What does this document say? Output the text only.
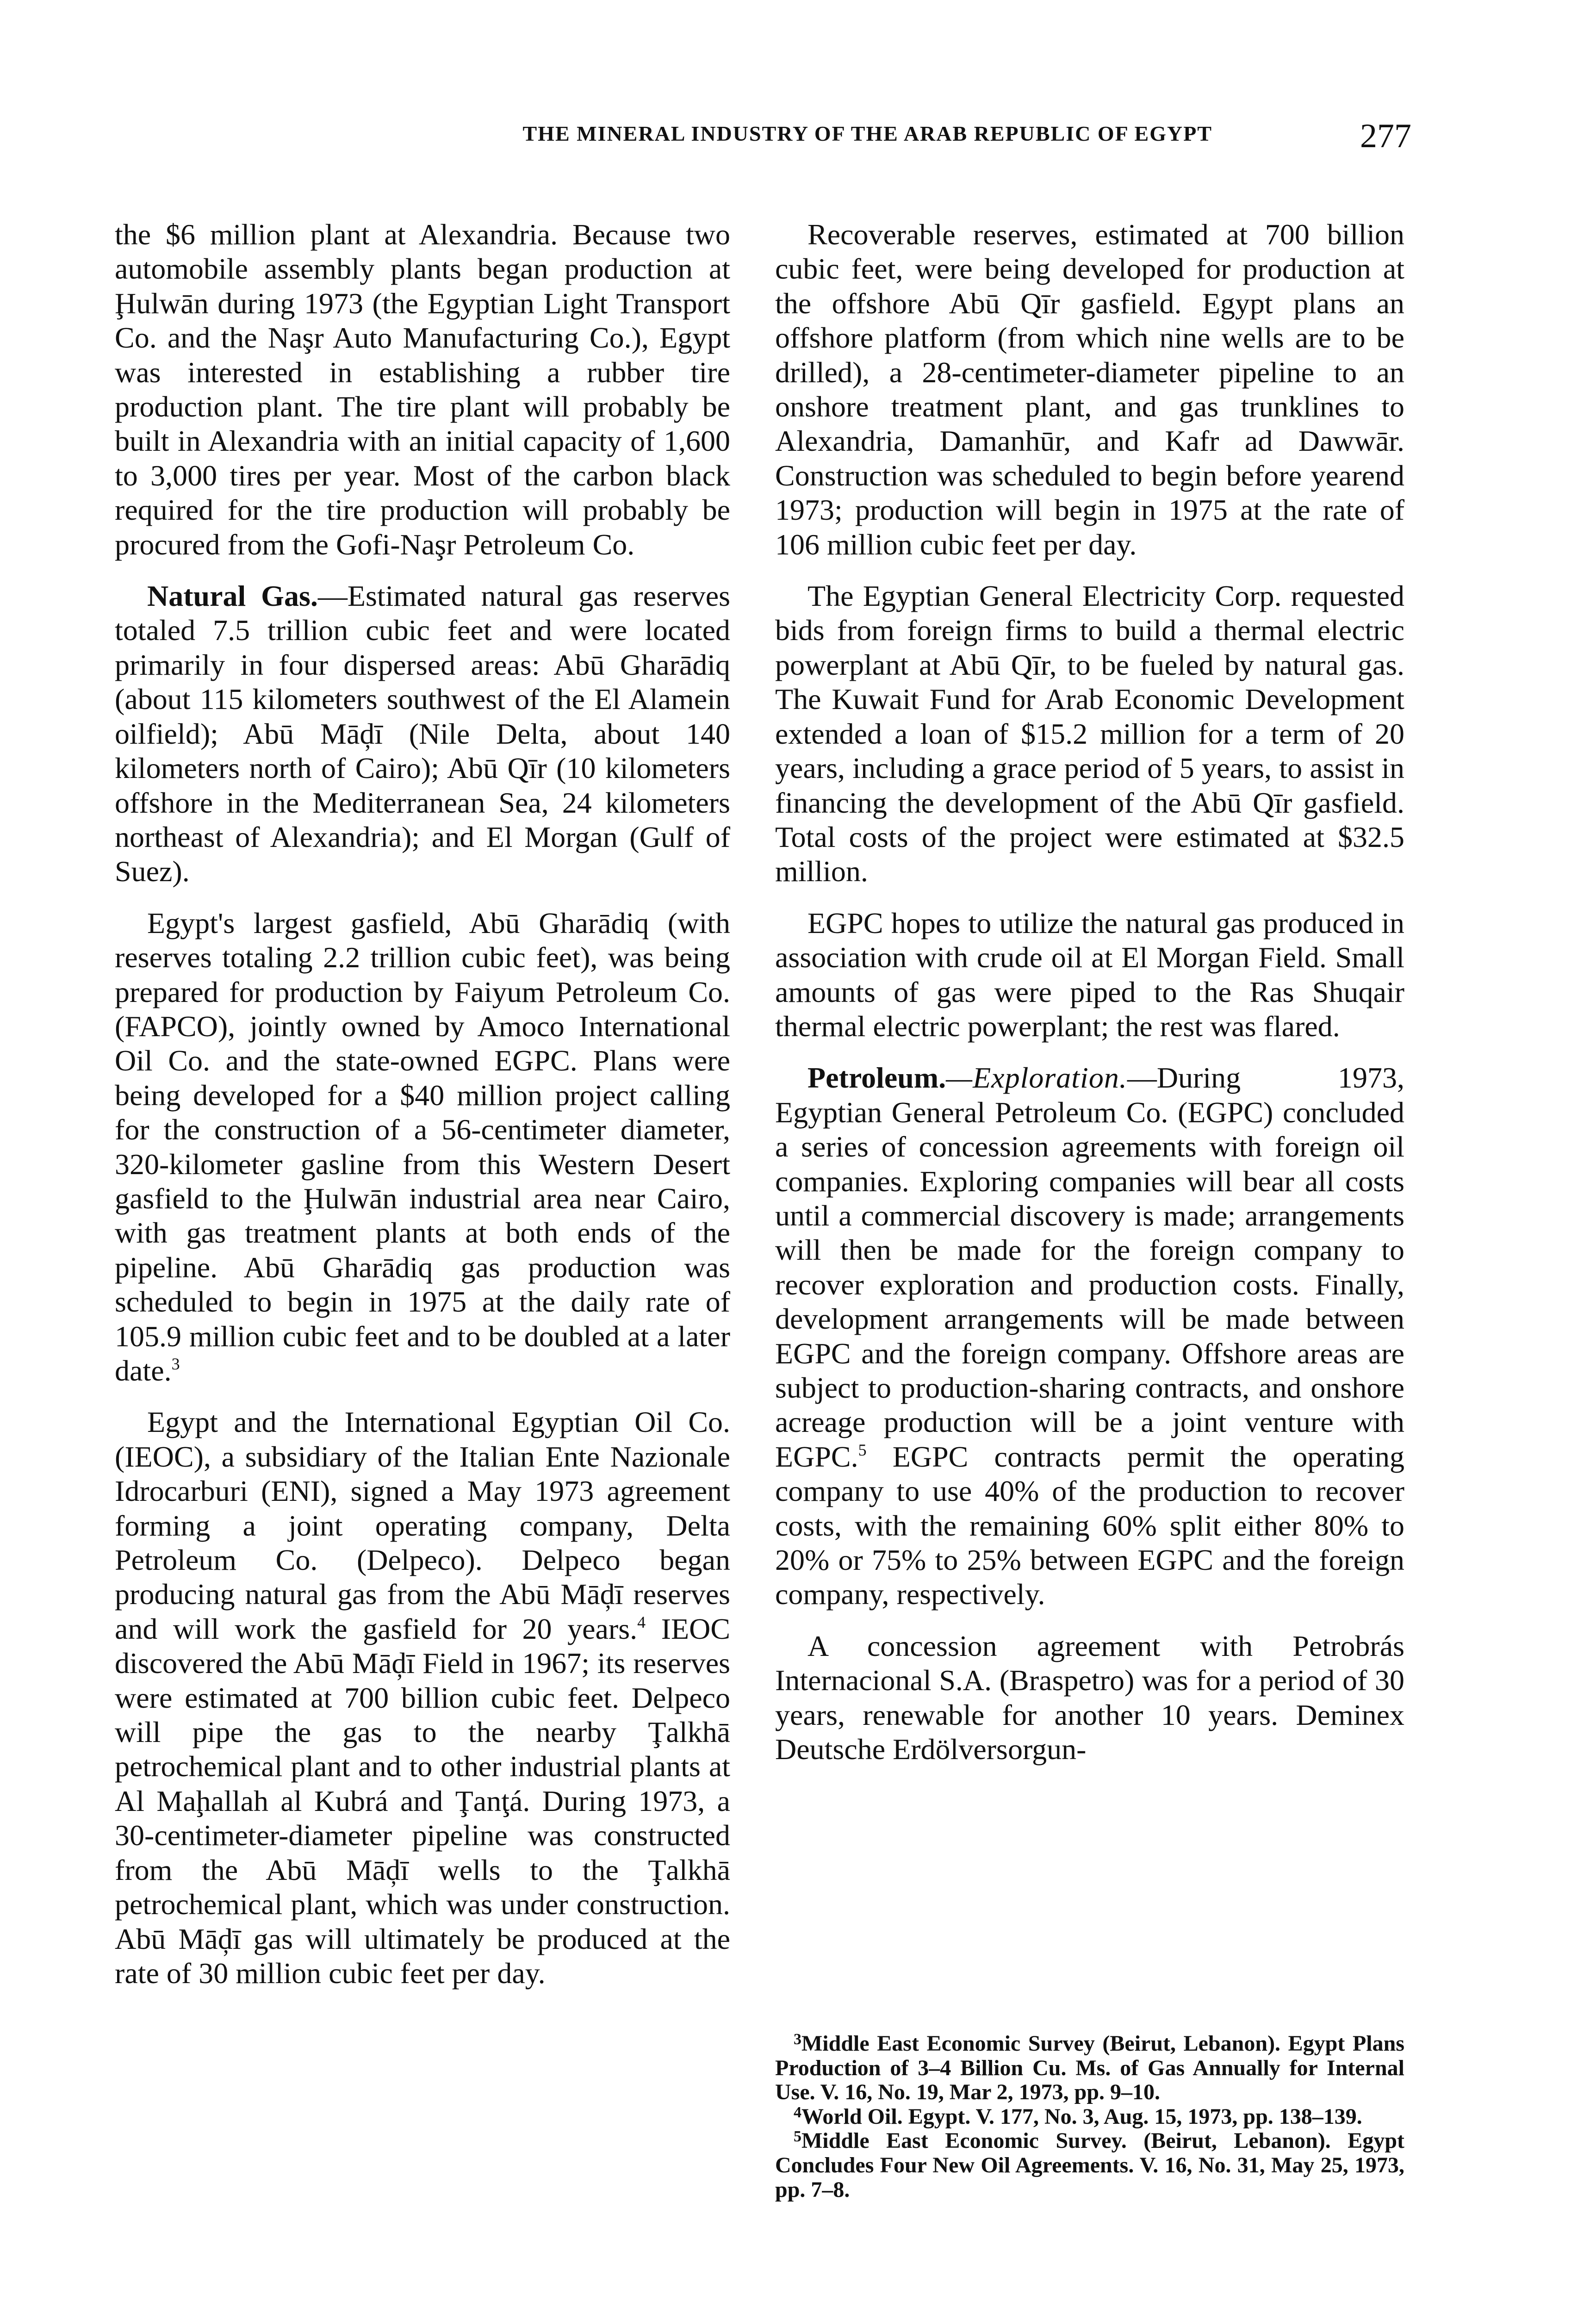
THE MINERAL INDUSTRY OF THE ARAB REPUBLIC OF EGYPT	277

the $6 million plant at Alexandria. Because two automobile assembly plants began production at Ḩulwān during 1973 (the Egyptian Light Transport Co. and the Naşr Auto Manufacturing Co.), Egypt was interested in establishing a rubber tire production plant. The tire plant will probably be built in Alexandria with an initial capacity of 1,600 to 3,000 tires per year. Most of the carbon black required for the tire production will probably be procured from the Gofi-Naşr Petroleum Co.

Natural Gas.—Estimated natural gas reserves totaled 7.5 trillion cubic feet and were located primarily in four dispersed areas: Abū Gharādiq (about 115 kilometers southwest of the El Alamein oilfield); Abū Māḑī (Nile Delta, about 140 kilometers north of Cairo); Abū Qīr (10 kilometers offshore in the Mediterranean Sea, 24 kilometers northeast of Alexandria); and El Morgan (Gulf of Suez).

Egypt's largest gasfield, Abū Gharādiq (with reserves totaling 2.2 trillion cubic feet), was being prepared for production by Faiyum Petroleum Co. (FAPCO), jointly owned by Amoco International Oil Co. and the state-owned EGPC. Plans were being developed for a $40 million project calling for the construction of a 56-centimeter diameter, 320-kilometer gasline from this Western Desert gasfield to the Ḩulwān industrial area near Cairo, with gas treatment plants at both ends of the pipeline. Abū Gharādiq gas production was scheduled to begin in 1975 at the daily rate of 105.9 million cubic feet and to be doubled at a later date.$^3$

Egypt and the International Egyptian Oil Co. (IEOC), a subsidiary of the Italian Ente Nazionale Idrocarburi (ENI), signed a May 1973 agreement forming a joint operating company, Delta Petroleum Co. (Delpeco). Delpeco began producing natural gas from the Abū Māḑī reserves and will work the gasfield for 20 years.$^4$ IEOC discovered the Abū Māḑī Field in 1967; its reserves were estimated at 700 billion cubic feet. Delpeco will pipe the gas to the nearby Ţalkhā petrochemical plant and to other industrial plants at Al Maḩallah al Kubrá and Ţanţá. During 1973, a 30-centimeter-diameter pipeline was constructed from the Abū Māḑī wells to the Ţalkhā petrochemical plant, which was under construction. Abū Māḑī gas will ultimately be produced at the rate of 30 million cubic feet per day.

Recoverable reserves, estimated at 700 billion cubic feet, were being developed for production at the offshore Abū Qīr gasfield. Egypt plans an offshore platform (from which nine wells are to be drilled), a 28-centimeter-diameter pipeline to an onshore treatment plant, and gas trunklines to Alexandria, Damanhūr, and Kafr ad Dawwār. Construction was scheduled to begin before yearend 1973; production will begin in 1975 at the rate of 106 million cubic feet per day.

The Egyptian General Electricity Corp. requested bids from foreign firms to build a thermal electric powerplant at Abū Qīr, to be fueled by natural gas. The Kuwait Fund for Arab Economic Development extended a loan of $15.2 million for a term of 20 years, including a grace period of 5 years, to assist in financing the development of the Abū Qīr gasfield. Total costs of the project were estimated at $32.5 million.

EGPC hopes to utilize the natural gas produced in association with crude oil at El Morgan Field. Small amounts of gas were piped to the Ras Shuqair thermal electric powerplant; the rest was flared.

Petroleum.—Exploration.—During 1973, Egyptian General Petroleum Co. (EGPC) concluded a series of concession agreements with foreign oil companies. Exploring companies will bear all costs until a commercial discovery is made; arrangements will then be made for the foreign company to recover exploration and production costs. Finally, development arrangements will be made between EGPC and the foreign company. Offshore areas are subject to production-sharing contracts, and onshore acreage production will be a joint venture with EGPC.$^5$ EGPC contracts permit the operating company to use 40% of the production to recover costs, with the remaining 60% split either 80% to 20% or 75% to 25% between EGPC and the foreign company, respectively.

A concession agreement with Petrobrás Internacional S.A. (Braspetro) was for a period of 30 years, renewable for another 10 years. Deminex Deutsche Erdölversorgun-

$^3$Middle East Economic Survey (Beirut, Lebanon). Egypt Plans Production of 3–4 Billion Cu. Ms. of Gas Annually for Internal Use. V. 16, No. 19, Mar 2, 1973, pp. 9–10.

$^4$World Oil. Egypt. V. 177, No. 3, Aug. 15, 1973, pp. 138–139.

$^5$Middle East Economic Survey. (Beirut, Lebanon). Egypt Concludes Four New Oil Agreements. V. 16, No. 31, May 25, 1973, pp. 7–8.
